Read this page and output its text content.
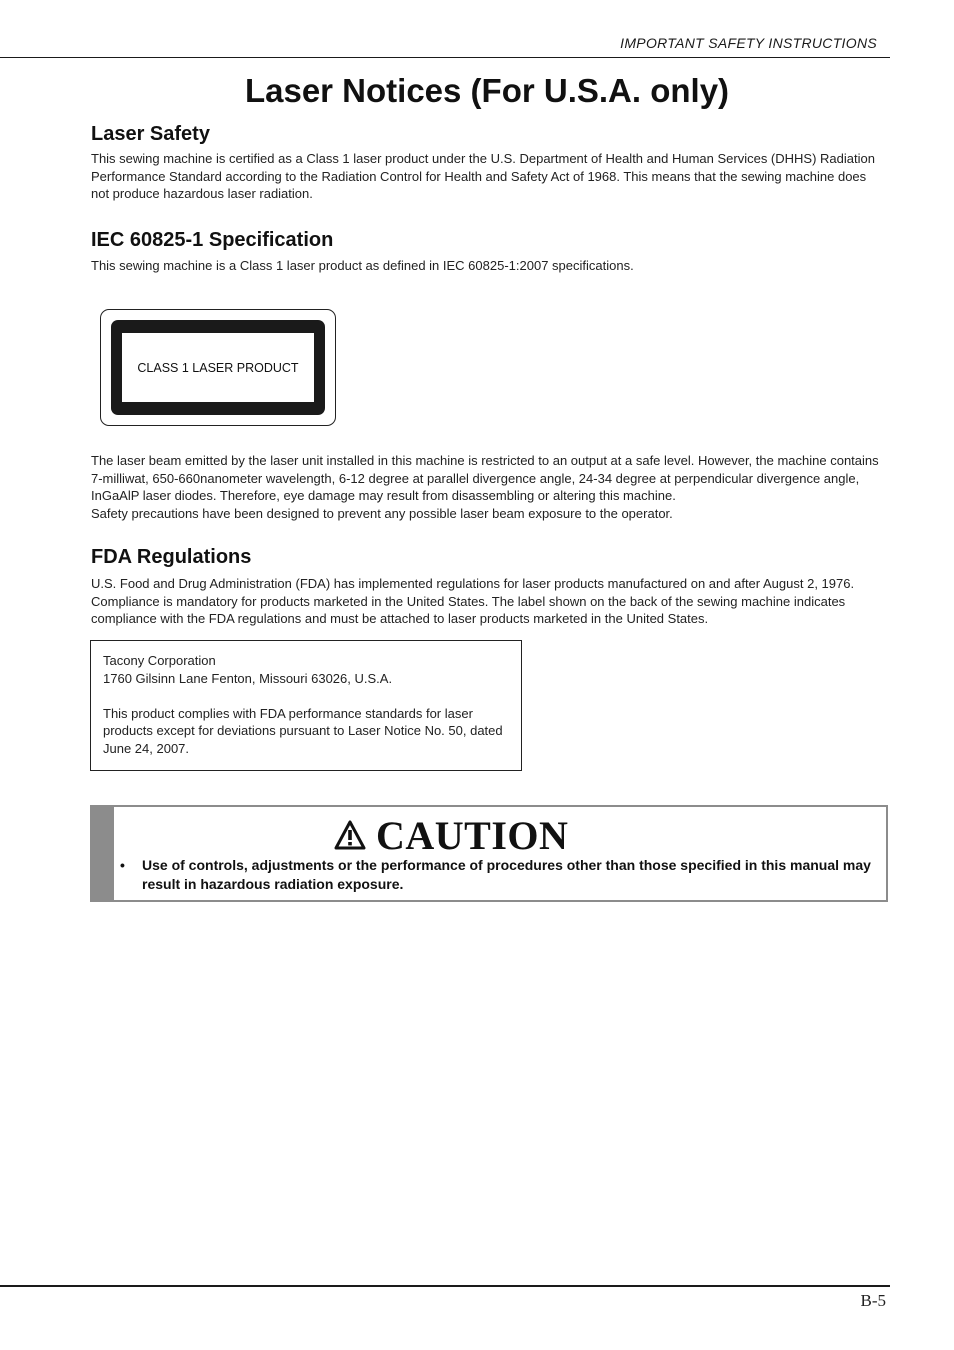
IMPORTANT SAFETY INSTRUCTIONS
Laser Notices (For U.S.A. only)
Laser Safety

This sewing machine is certified as a Class 1 laser product under the U.S. Department of Health and Human Services (DHHS) Radiation Performance Standard according to the Radiation Control for Health and Safety Act of 1968. This means that the sewing machine does not produce hazardous laser radiation.

IEC 60825-1 Specification

This sewing machine is a Class 1 laser product as defined in IEC 60825-1:2007 specifications.

CLASS 1 LASER PRODUCT

The laser beam emitted by the laser unit installed in this machine is restricted to an output at a safe level. However, the machine contains 7-milliwat, 650-660nanometer wavelength, 6-12 degree at parallel divergence angle, 24-34 degree at perpendicular divergence angle, InGaAlP laser diodes. Therefore, eye damage may result from disassembling or altering this machine.

Safety precautions have been designed to prevent any possible laser beam exposure to the operator.

FDA Regulations

U.S. Food and Drug Administration (FDA) has implemented regulations for laser products manufactured on and after August 2, 1976. Compliance is mandatory for products marketed in the United States. The label shown on the back of the sewing machine indicates compliance with the FDA regulations and must be attached to laser products marketed in the United States.

Tacony Corporation

1760 Gilsinn Lane Fenton, Missouri 63026, U.S.A.

This product complies with FDA performance standards for laser products except for deviations pursuant to Laser Notice No. 50, dated June 24, 2007.

CAUTION
• Use of controls, adjustments or the performance of procedures other than those specified in this manual may result in hazardous radiation exposure.
B-5
